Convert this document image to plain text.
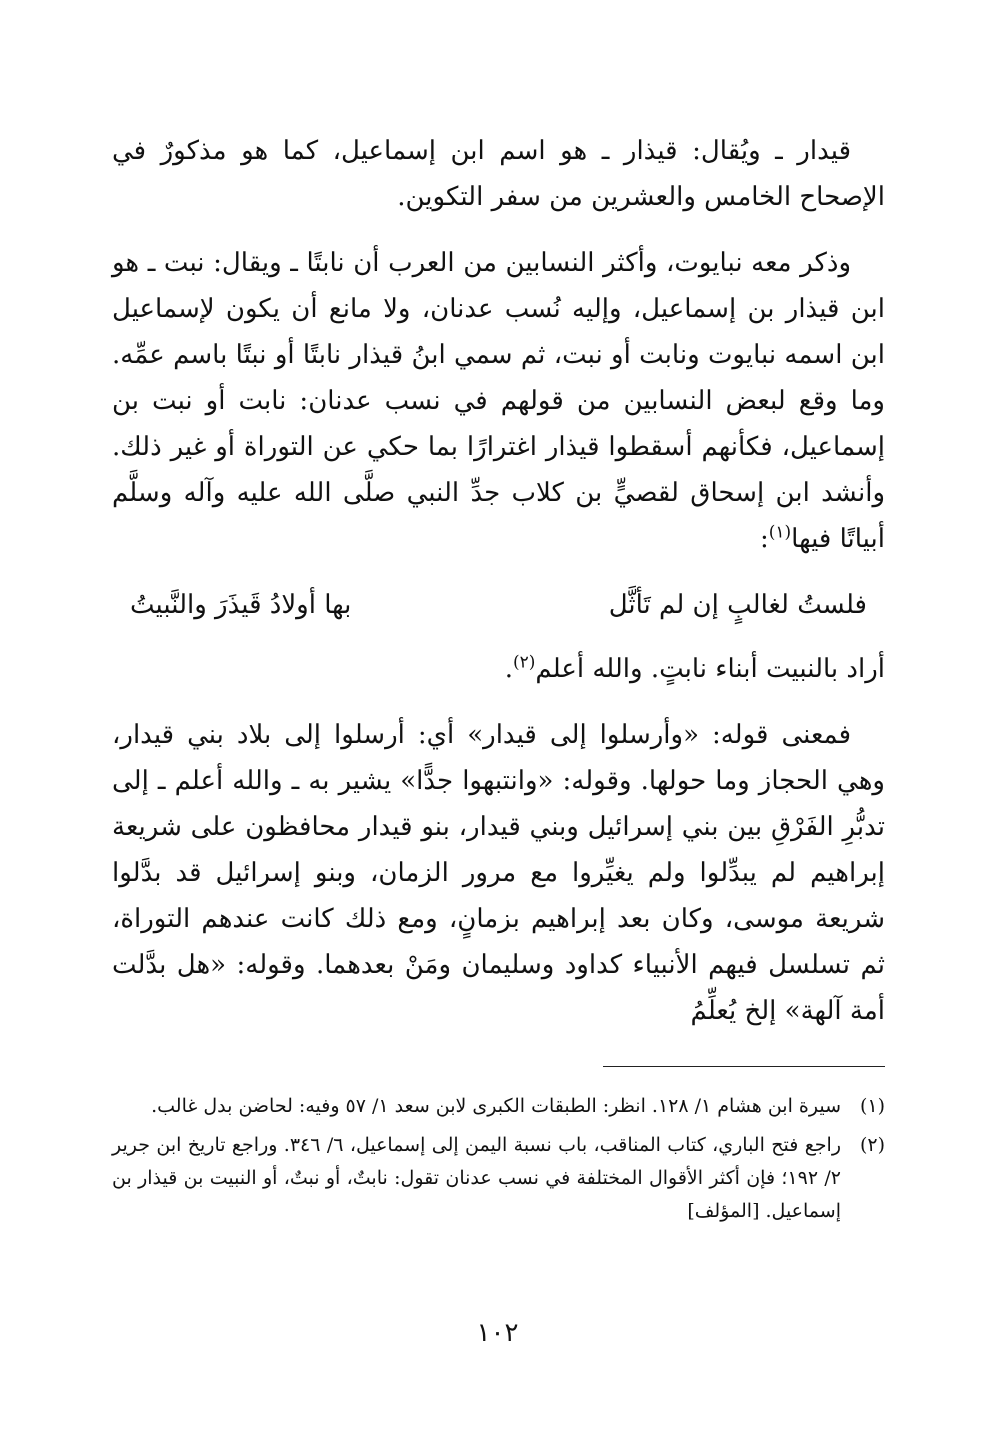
قيدار ـ ويُقال: قيذار ـ هو اسم ابن إسماعيل، كما هو مذكورٌ في الإصحاح الخامس والعشرين من سفر التكوين.

وذكر معه نبايوت، وأكثر النسابين من العرب أن نابتًا ـ ويقال: نبت ـ هو ابن قيذار بن إسماعيل، وإليه نُسب عدنان، ولا مانع أن يكون لإسماعيل ابن اسمه نبايوت ونابت أو نبت، ثم سمي ابنُ قيذار نابتًا أو نبتًا باسم عمِّه. وما وقع لبعض النسابين من قولهم في نسب عدنان: نابت أو نبت بن إسماعيل، فكأنهم أسقطوا قيذار اغترارًا بما حكي عن التوراة أو غير ذلك. وأنشد ابن إسحاق لقصيٍّ بن كلاب جدِّ النبي صلَّى الله عليه وآله وسلَّم أبياتًا فيها$^{(١)}$:

فلستُ لغالبٍ إن لم تَأثَّل
بها أولادُ قَيذَرَ والنَّبيتُ

أراد بالنبيت أبناء نابتٍ. والله أعلم$^{(٢)}$.

فمعنى قوله: «وأرسلوا إلى قيدار» أي: أرسلوا إلى بلاد بني قيدار، وهي الحجاز وما حولها. وقوله: «وانتبهوا جدًّا» يشير به ـ والله أعلم ـ إلى تدبُّرِ الفَرْقِ بين بني إسرائيل وبني قيدار، بنو قيدار محافظون على شريعة إبراهيم لم يبدِّلوا ولم يغيِّروا مع مرور الزمان، وبنو إسرائيل قد بدَّلوا شريعة موسى، وكان بعد إبراهيم بزمانٍ، ومع ذلك كانت عندهم التوراة، ثم تسلسل فيهم الأنبياء كداود وسليمان ومَنْ بعدهما. وقوله: «هل بدَّلت أمة آلهة» إلخ يُعلِّمُ

(١)
سيرة ابن هشام ١/ ١٢٨. انظر: الطبقات الكبرى لابن سعد ١/ ٥٧ وفيه: لحاضن بدل غالب.
(٢)
راجع فتح الباري، كتاب المناقب، باب نسبة اليمن إلى إسماعيل، ٦/ ٣٤٦. وراجع تاريخ ابن جرير ٢/ ١٩٢؛ فإن أكثر الأقوال المختلفة في نسب عدنان تقول: نابتٌ، أو نبتٌ، أو النبيت بن قيذار بن إسماعيل. [المؤلف]
١٠٢
